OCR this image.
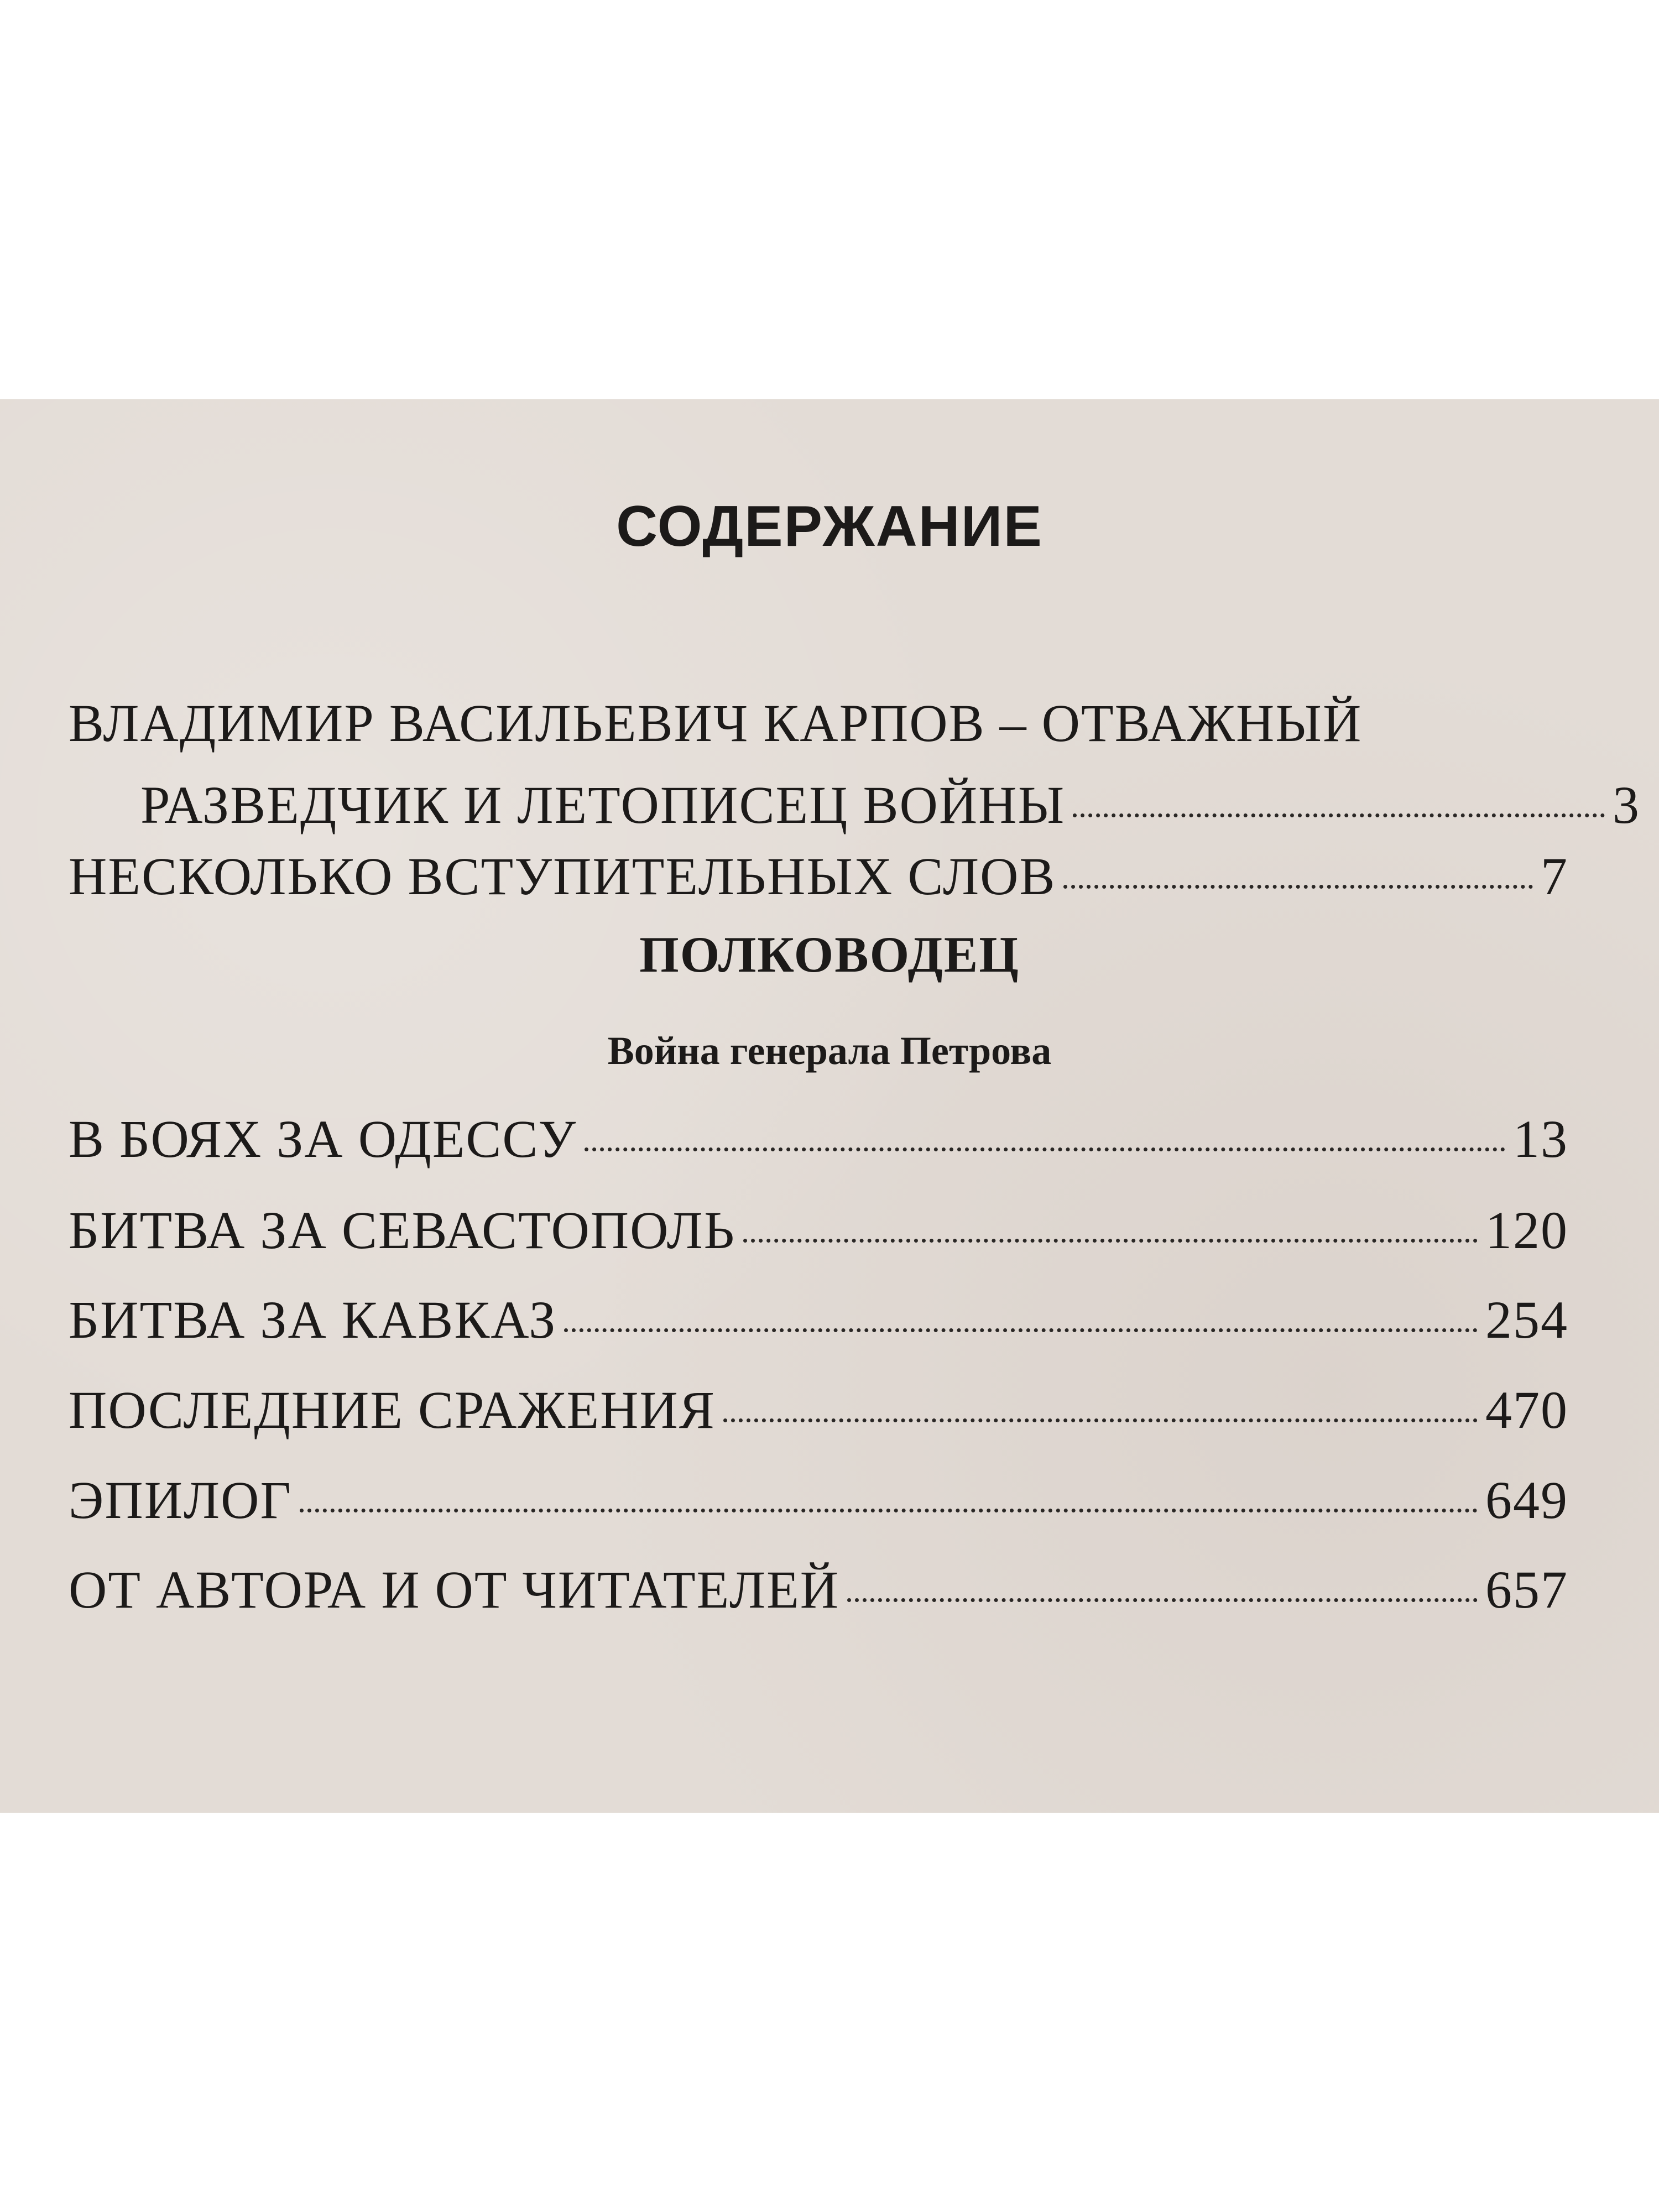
СОДЕРЖАНИЕ
ВЛАДИМИР ВАСИЛЬЕВИЧ КАРПОВ – ОТВАЖНЫЙ
РАЗВЕДЧИК И ЛЕТОПИСЕЦ ВОЙНЫ	3
НЕСКОЛЬКО ВСТУПИТЕЛЬНЫХ СЛОВ	7
ПОЛКОВОДЕЦ
Война генерала Петрова
В БОЯХ ЗА ОДЕССУ	13
БИТВА ЗА СЕВАСТОПОЛЬ	120
БИТВА ЗА КАВКАЗ	254
ПОСЛЕДНИЕ СРАЖЕНИЯ	470
ЭПИЛОГ	649
ОТ АВТОРА И ОТ ЧИТАТЕЛЕЙ	657
